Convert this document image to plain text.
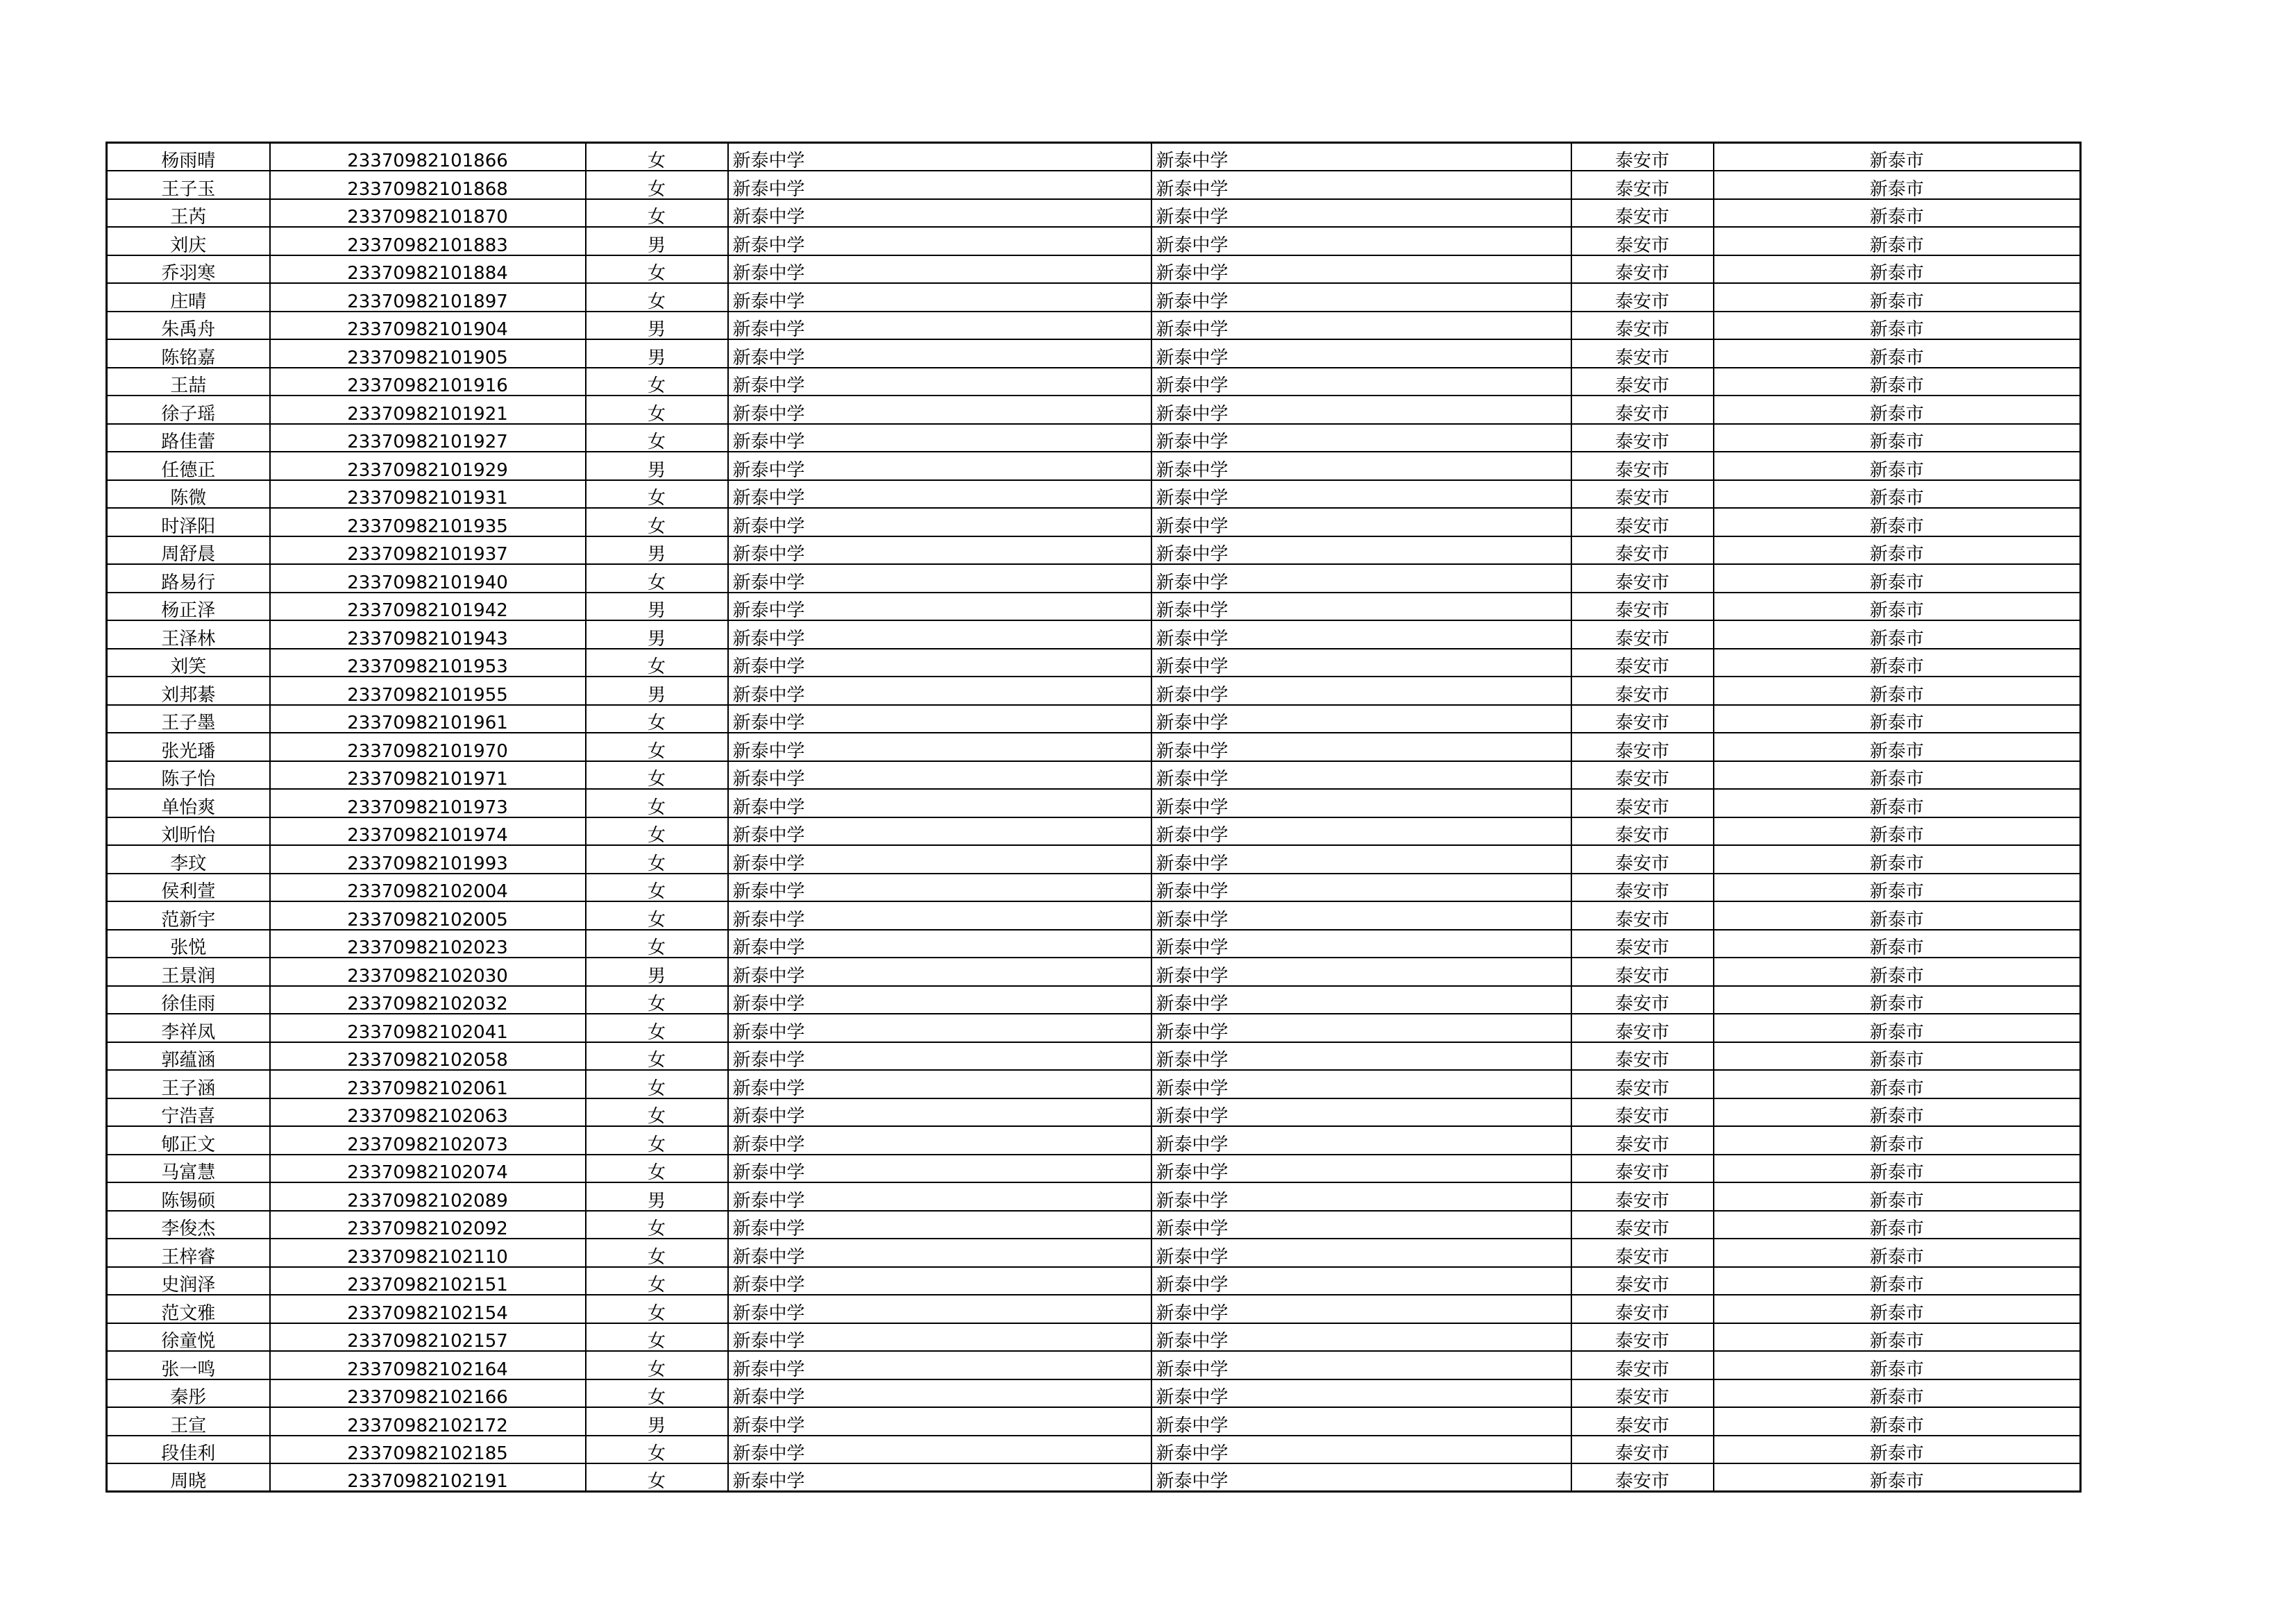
杨雨晴	23370982101866	女	新泰中学	新泰中学	泰安市	新泰市
王子玉	23370982101868	女	新泰中学	新泰中学	泰安市	新泰市
王芮	23370982101870	女	新泰中学	新泰中学	泰安市	新泰市
刘庆	23370982101883	男	新泰中学	新泰中学	泰安市	新泰市
乔羽寒	23370982101884	女	新泰中学	新泰中学	泰安市	新泰市
庄晴	23370982101897	女	新泰中学	新泰中学	泰安市	新泰市
朱禹舟	23370982101904	男	新泰中学	新泰中学	泰安市	新泰市
陈铭嘉	23370982101905	男	新泰中学	新泰中学	泰安市	新泰市
王喆	23370982101916	女	新泰中学	新泰中学	泰安市	新泰市
徐子瑶	23370982101921	女	新泰中学	新泰中学	泰安市	新泰市
路佳蕾	23370982101927	女	新泰中学	新泰中学	泰安市	新泰市
任德正	23370982101929	男	新泰中学	新泰中学	泰安市	新泰市
陈微	23370982101931	女	新泰中学	新泰中学	泰安市	新泰市
时泽阳	23370982101935	女	新泰中学	新泰中学	泰安市	新泰市
周舒晨	23370982101937	男	新泰中学	新泰中学	泰安市	新泰市
路易行	23370982101940	女	新泰中学	新泰中学	泰安市	新泰市
杨正泽	23370982101942	男	新泰中学	新泰中学	泰安市	新泰市
王泽林	23370982101943	男	新泰中学	新泰中学	泰安市	新泰市
刘笑	23370982101953	女	新泰中学	新泰中学	泰安市	新泰市
刘邦綦	23370982101955	男	新泰中学	新泰中学	泰安市	新泰市
王子墨	23370982101961	女	新泰中学	新泰中学	泰安市	新泰市
张光璠	23370982101970	女	新泰中学	新泰中学	泰安市	新泰市
陈子怡	23370982101971	女	新泰中学	新泰中学	泰安市	新泰市
单怡爽	23370982101973	女	新泰中学	新泰中学	泰安市	新泰市
刘昕怡	23370982101974	女	新泰中学	新泰中学	泰安市	新泰市
李玟	23370982101993	女	新泰中学	新泰中学	泰安市	新泰市
侯利萱	23370982102004	女	新泰中学	新泰中学	泰安市	新泰市
范新宇	23370982102005	女	新泰中学	新泰中学	泰安市	新泰市
张悦	23370982102023	女	新泰中学	新泰中学	泰安市	新泰市
王景润	23370982102030	男	新泰中学	新泰中学	泰安市	新泰市
徐佳雨	23370982102032	女	新泰中学	新泰中学	泰安市	新泰市
李祥凤	23370982102041	女	新泰中学	新泰中学	泰安市	新泰市
郭蕴涵	23370982102058	女	新泰中学	新泰中学	泰安市	新泰市
王子涵	23370982102061	女	新泰中学	新泰中学	泰安市	新泰市
宁浩喜	23370982102063	女	新泰中学	新泰中学	泰安市	新泰市
郇正文	23370982102073	女	新泰中学	新泰中学	泰安市	新泰市
马富慧	23370982102074	女	新泰中学	新泰中学	泰安市	新泰市
陈锡硕	23370982102089	男	新泰中学	新泰中学	泰安市	新泰市
李俊杰	23370982102092	女	新泰中学	新泰中学	泰安市	新泰市
王梓睿	23370982102110	女	新泰中学	新泰中学	泰安市	新泰市
史润泽	23370982102151	女	新泰中学	新泰中学	泰安市	新泰市
范文雅	23370982102154	女	新泰中学	新泰中学	泰安市	新泰市
徐童悦	23370982102157	女	新泰中学	新泰中学	泰安市	新泰市
张一鸣	23370982102164	女	新泰中学	新泰中学	泰安市	新泰市
秦彤	23370982102166	女	新泰中学	新泰中学	泰安市	新泰市
王宣	23370982102172	男	新泰中学	新泰中学	泰安市	新泰市
段佳利	23370982102185	女	新泰中学	新泰中学	泰安市	新泰市
周晓	23370982102191	女	新泰中学	新泰中学	泰安市	新泰市
